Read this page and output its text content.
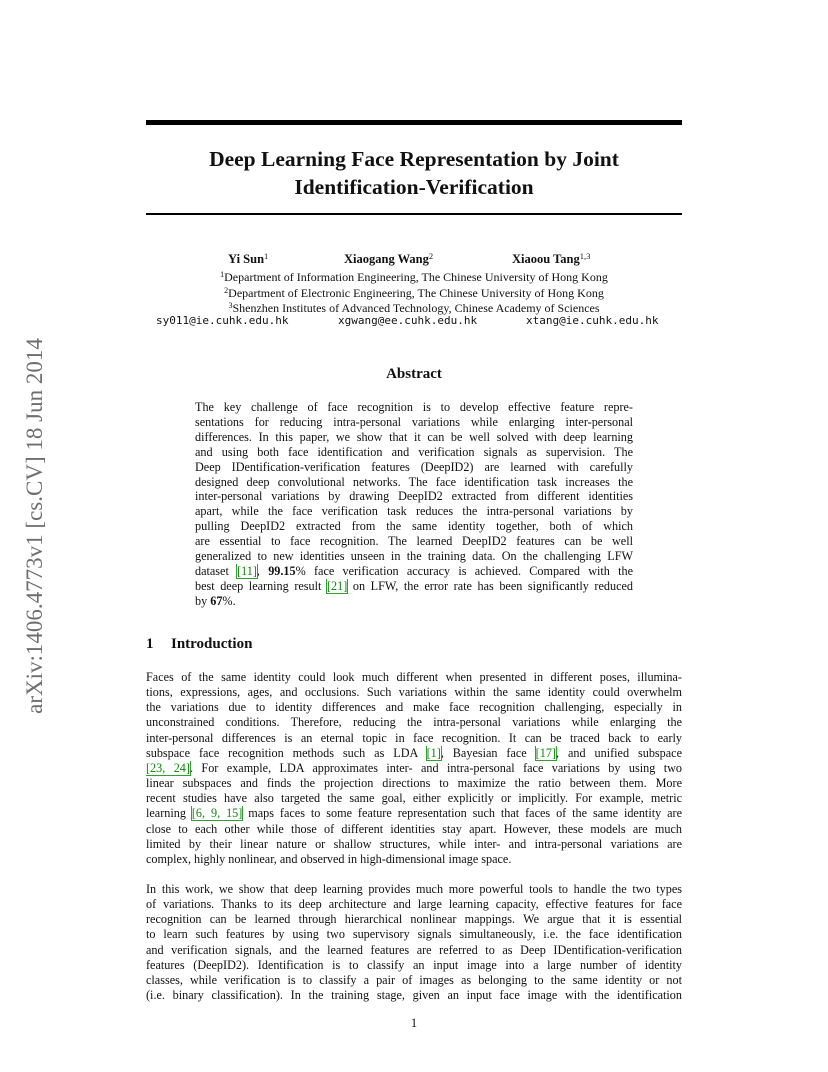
arXiv:1406.4773v1 [cs.CV] 18 Jun 2014
Deep Learning Face Representation by Joint
Identification-Verification
Yi Sun$^1$	Xiaogang Wang$^2$	Xiaoou Tang$^{1,3}$
$^1$Department of Information Engineering, The Chinese University of Hong Kong
$^2$Department of Electronic Engineering, The Chinese University of Hong Kong
$^3$Shenzhen Institutes of Advanced Technology, Chinese Academy of Sciences
sy011@ie.cuhk.edu.hk	xgwang@ee.cuhk.edu.hk	xtang@ie.cuhk.edu.hk
Abstract
The key challenge of face recognition is to develop effective feature repre-
sentations for reducing intra-personal variations while enlarging inter-personal
differences. In this paper, we show that it can be well solved with deep learning
and using both face identification and verification signals as supervision. The
Deep IDentification-verification features (DeepID2) are learned with carefully
designed deep convolutional networks. The face identification task increases the
inter-personal variations by drawing DeepID2 extracted from different identities
apart, while the face verification task reduces the intra-personal variations by
pulling DeepID2 extracted from the same identity together, both of which
are essential to face recognition. The learned DeepID2 features can be well
generalized to new identities unseen in the training data. On the challenging LFW
dataset [11], 99.15% face verification accuracy is achieved. Compared with the
best deep learning result [21] on LFW, the error rate has been significantly reduced
by 67%.
1 Introduction
Faces of the same identity could look much different when presented in different poses, illumina-
tions, expressions, ages, and occlusions. Such variations within the same identity could overwhelm
the variations due to identity differences and make face recognition challenging, especially in
unconstrained conditions. Therefore, reducing the intra-personal variations while enlarging the
inter-personal differences is an eternal topic in face recognition. It can be traced back to early
subspace face recognition methods such as LDA [1], Bayesian face [17], and unified subspace
[23, 24]. For example, LDA approximates inter- and intra-personal face variations by using two
linear subspaces and finds the projection directions to maximize the ratio between them. More
recent studies have also targeted the same goal, either explicitly or implicitly. For example, metric
learning [6, 9, 15] maps faces to some feature representation such that faces of the same identity are
close to each other while those of different identities stay apart. However, these models are much
limited by their linear nature or shallow structures, while inter- and intra-personal variations are
complex, highly nonlinear, and observed in high-dimensional image space.
In this work, we show that deep learning provides much more powerful tools to handle the two types
of variations. Thanks to its deep architecture and large learning capacity, effective features for face
recognition can be learned through hierarchical nonlinear mappings. We argue that it is essential
to learn such features by using two supervisory signals simultaneously, i.e. the face identification
and verification signals, and the learned features are referred to as Deep IDentification-verification
features (DeepID2). Identification is to classify an input image into a large number of identity
classes, while verification is to classify a pair of images as belonging to the same identity or not
(i.e. binary classification). In the training stage, given an input face image with the identification
1
